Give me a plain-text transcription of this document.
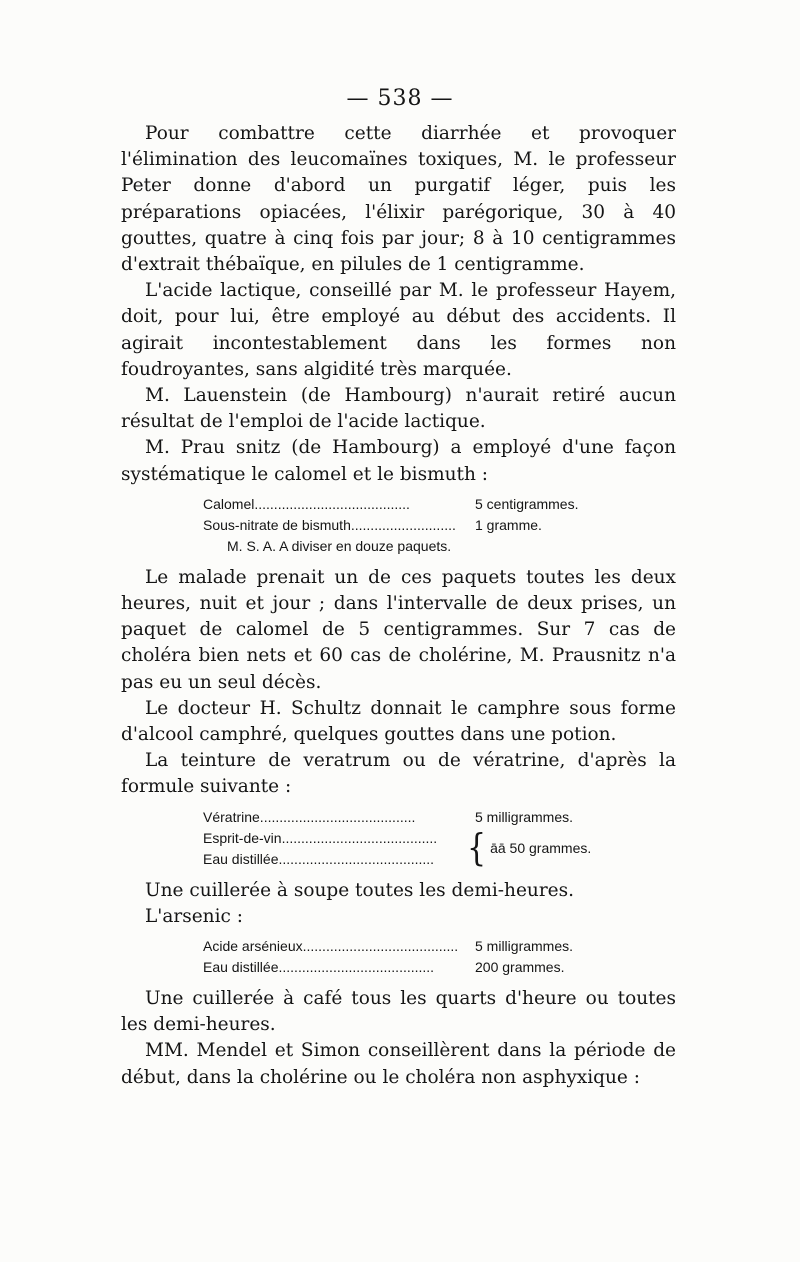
— 538 —

Pour combattre cette diarrhée et provoquer l'élimination des leucomaïnes toxiques, M. le professeur Peter donne d'abord un purgatif léger, puis les préparations opiacées, l'élixir parégorique, 30 à 40 gouttes, quatre à cinq fois par jour; 8 à 10 centigrammes d'extrait thébaïque, en pilules de 1 centigramme.

L'acide lactique, conseillé par M. le professeur Hayem, doit, pour lui, être employé au début des accidents. Il agirait incontestablement dans les formes non foudroyantes, sans algidité très marquée.

M. Lauenstein (de Hambourg) n'aurait retiré aucun résultat de l'emploi de l'acide lactique.

M. Prau snitz (de Hambourg) a employé d'une façon systématique le calomel et le bismuth :

Calomel........................................	5 centigrammes.
Sous-nitrate de bismuth...........................	1 gramme.
M. S. A. A diviser en douze paquets.

Le malade prenait un de ces paquets toutes les deux heures, nuit et jour ; dans l'intervalle de deux prises, un paquet de calomel de 5 centigrammes. Sur 7 cas de choléra bien nets et 60 cas de cholérine, M. Prausnitz n'a pas eu un seul décès.

Le docteur H. Schultz donnait le camphre sous forme d'alcool camphré, quelques gouttes dans une potion.

La teinture de veratrum ou de vératrine, d'après la formule suivante :

Vératrine........................................	5 milligrammes.
Esprit-de-vin........................................
Eau distillée........................................	{ āā 50 grammes.

Une cuillerée à soupe toutes les demi-heures.

L'arsenic :

Acide arsénieux........................................	5 milligrammes.
Eau distillée........................................	200 grammes.

Une cuillerée à café tous les quarts d'heure ou toutes les demi-heures.

MM. Mendel et Simon conseillèrent dans la période de début, dans la cholérine ou le choléra non asphyxique :
